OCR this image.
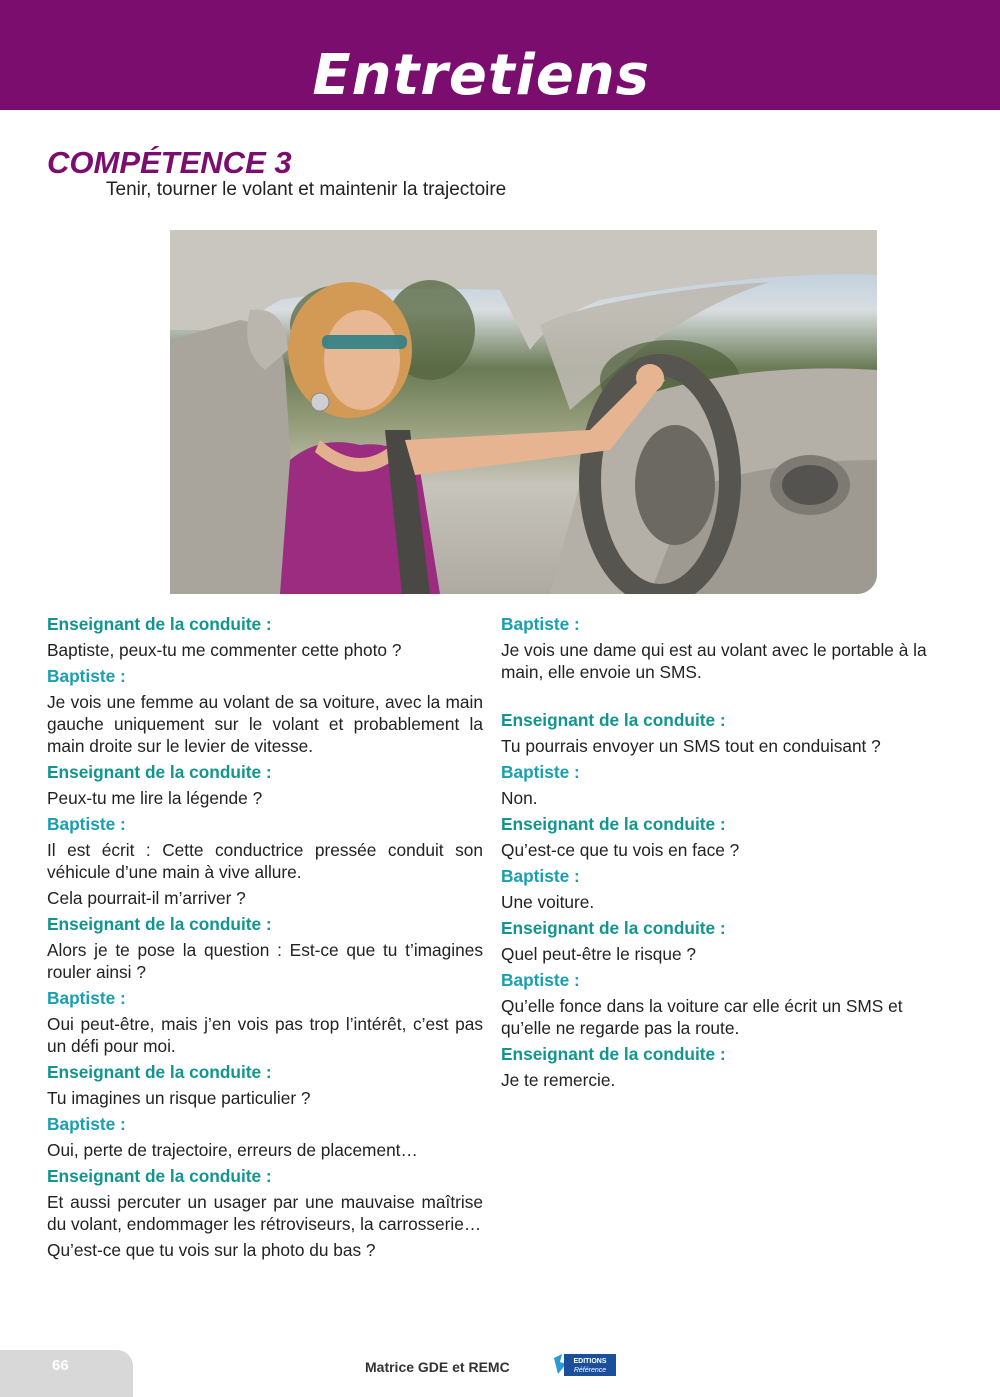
Entretiens
COMPÉTENCE 3
Tenir, tourner le volant et maintenir la trajectoire
Enseignant de la conduite :

Baptiste, peux-tu me commenter cette photo ?

Baptiste :

Je vois une femme au volant de sa voiture, avec la main gauche uniquement sur le volant et probablement la main droite sur le levier de vitesse.

Enseignant de la conduite :

Peux-tu me lire la légende ?

Baptiste :

Il est écrit : Cette conductrice pressée conduit son véhicule d’une main à vive allure.

Cela pourrait-il m’arriver ?

Enseignant de la conduite :

Alors je te pose la question : Est-ce que tu t’imagines rouler ainsi ?

Baptiste :

Oui peut-être, mais j’en vois pas trop l’intérêt, c’est pas un défi pour moi.

Enseignant de la conduite :

Tu imagines un risque particulier ?

Baptiste :

Oui, perte de trajectoire, erreurs de placement…

Enseignant de la conduite :

Et aussi percuter un usager par une mauvaise maîtrise du volant, endommager les rétroviseurs, la carrosserie…

Qu’est-ce que tu vois sur la photo du bas ?

Baptiste :

Je vois une dame qui est au volant avec le portable à la main, elle envoie un SMS.

Enseignant de la conduite :

Tu pourrais envoyer un SMS tout en conduisant ?

Baptiste :

Non.

Enseignant de la conduite :

Qu’est-ce que tu vois en face ?

Baptiste :

Une voiture.

Enseignant de la conduite :

Quel peut-être le risque ?

Baptiste :

Qu’elle fonce dans la voiture car elle écrit un SMS et qu’elle ne regarde pas la route.

Enseignant de la conduite :

Je te remercie.

66	Matrice GDE et REMC	EDITIONS
Référence
